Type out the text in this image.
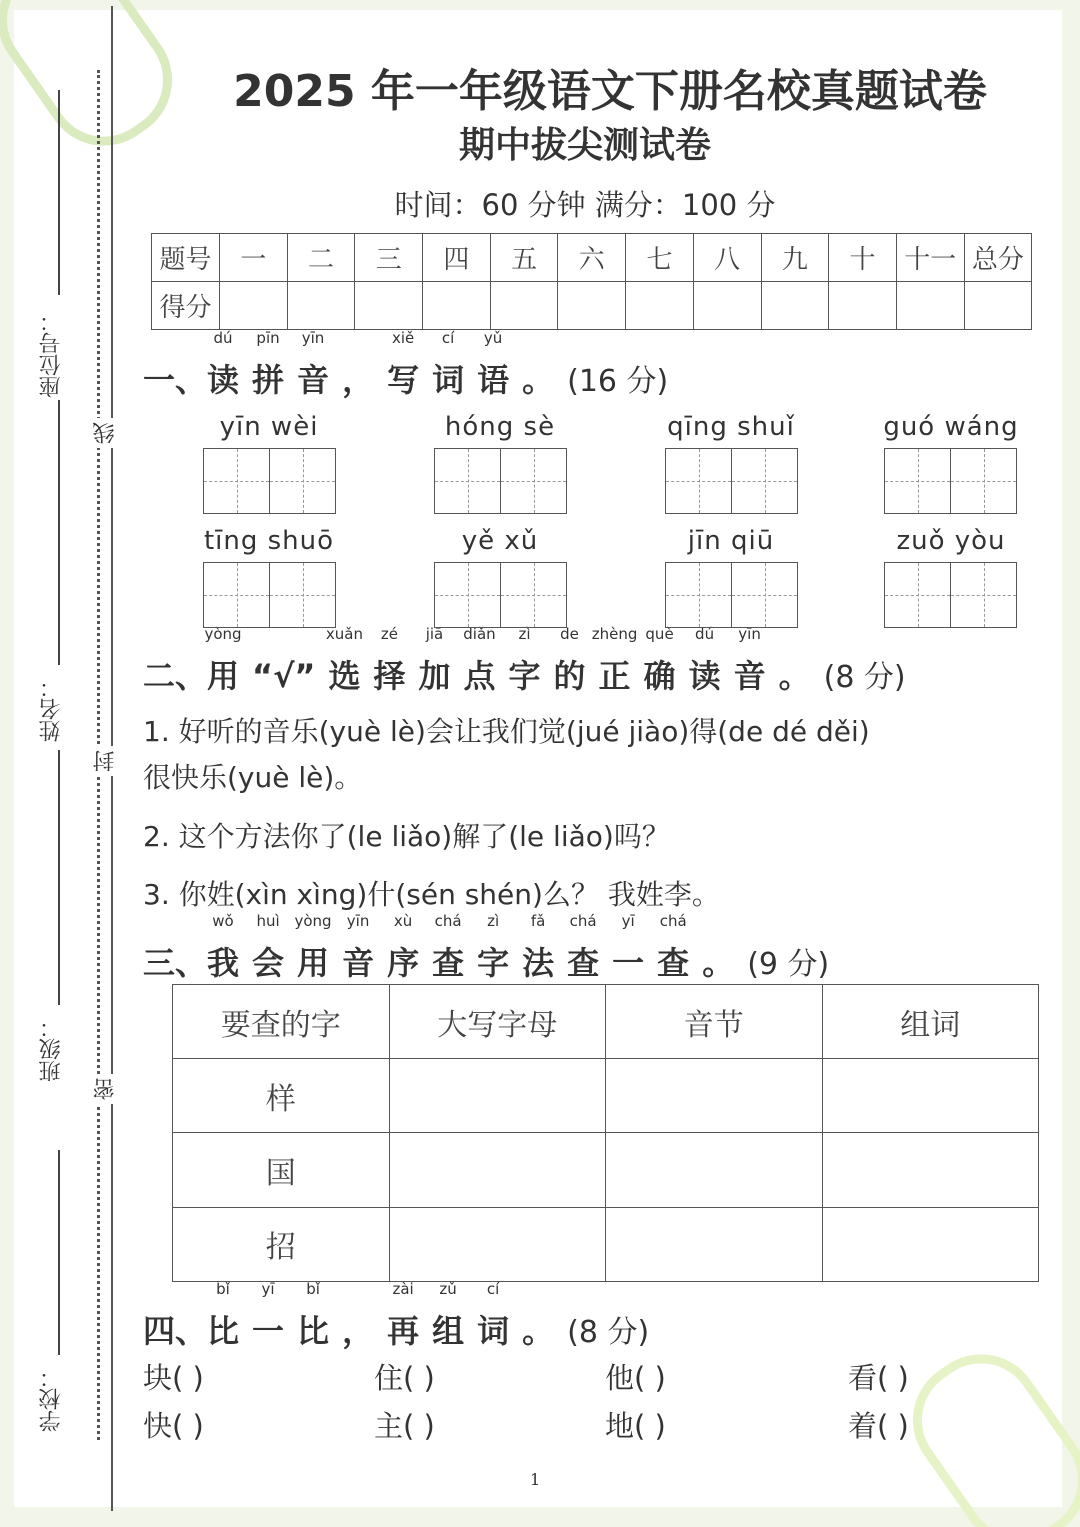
座位号：
姓名：
班级：
学校：
线
封
密
2025 年一年级语文下册名校真题试卷
期中拔尖测试卷
时间：60 分钟 满分：100 分
题号	一	二	三	四	五	六	七	八	九	十	十一	总分
得分												
一、读
dú
拼
pīn
音
yīn
， 写
xiě
词
cí
语
yǔ
。 (16 分)
二、用
yòng
“√” 选
xuǎn
择
zé
加
jiā
点
diǎn
字
zì
的
de
正
zhèng
确
què
读
dú
音
yīn
。 (8 分)
三、我
wǒ
会
huì
用
yòng
音
yīn
序
xù
查
chá
字
zì
法
fǎ
查
chá
一
yī
查
chá
。 (9 分)
四、比
bǐ
一
yī
比
bǐ
， 再
zài
组
zǔ
词
cí
。 (8 分)
yīn wèi	hóng sè	qīng shuǐ	guó wáng
tīng shuō	yě xǔ	jīn qiū	zuǒ yòu
1. 好听的音乐(yuè lè)会让我们觉(jué jiào)得(de dé děi)
很快乐(yuè lè)。
2. 这个方法你了(le liǎo)解了(le liǎo)吗？
3. 你姓(xìn xìng)什(sén shén)么？ 我姓李。
要查的字	大写字母	音节	组词
样			
国			
招			
块( )	住( )	他( )	看( )
快( )	主( )	地( )	着( )
1
